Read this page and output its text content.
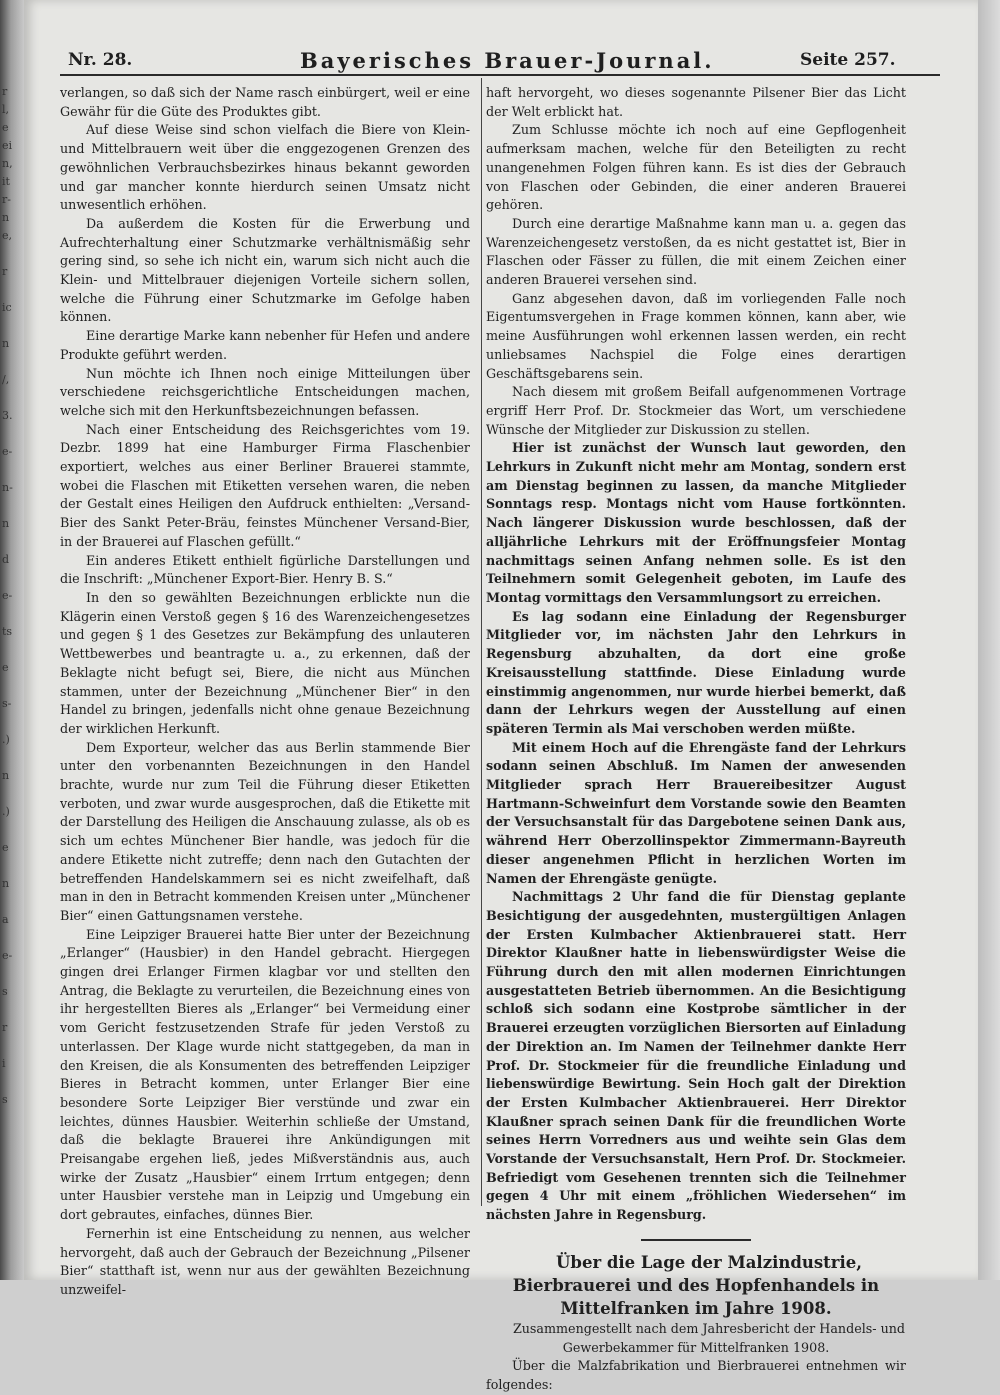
r
l,
e
ei
n,
it
r-
n
e,
r
ic
n
/,
3.
e-
n-
n
d
e-
ts
e
s-
.)
n
.)
e
n
a
e-
s
r
i
s
Nr. 28.	Bayerisches Brauer-Journal.	Seite 257.

verlangen, so daß sich der Name rasch einbürgert, weil er eine Gewähr für die Güte des Produktes gibt.

Auf diese Weise sind schon vielfach die Biere von Klein- und Mittelbrauern weit über die enggezogenen Grenzen des gewöhnlichen Verbrauchsbezirkes hinaus bekannt geworden und gar mancher konnte hierdurch seinen Umsatz nicht unwesentlich erhöhen.

Da außerdem die Kosten für die Erwerbung und Aufrechterhaltung einer Schutzmarke verhältnismäßig sehr gering sind, so sehe ich nicht ein, warum sich nicht auch die Klein- und Mittelbrauer diejenigen Vorteile sichern sollen, welche die Führung einer Schutzmarke im Gefolge haben können.

Eine derartige Marke kann nebenher für Hefen und andere Produkte geführt werden.

Nun möchte ich Ihnen noch einige Mitteilungen über verschiedene reichsgerichtliche Entscheidungen machen, welche sich mit den Herkunftsbezeichnungen befassen.

Nach einer Entscheidung des Reichsgerichtes vom 19. Dezbr. 1899 hat eine Hamburger Firma Flaschenbier exportiert, welches aus einer Berliner Brauerei stammte, wobei die Flaschen mit Etiketten versehen waren, die neben der Gestalt eines Heiligen den Aufdruck enthielten: „Versand-Bier des Sankt Peter-Bräu, feinstes Münchener Versand-Bier, in der Brauerei auf Flaschen gefüllt.“

Ein anderes Etikett enthielt figürliche Darstellungen und die Inschrift: „Münchener Export-Bier. Henry B. S.“

In den so gewählten Bezeichnungen erblickte nun die Klägerin einen Verstoß gegen § 16 des Warenzeichengesetzes und gegen § 1 des Gesetzes zur Bekämpfung des unlauteren Wettbewerbes und beantragte u. a., zu erkennen, daß der Beklagte nicht befugt sei, Biere, die nicht aus München stammen, unter der Bezeichnung „Münchener Bier“ in den Handel zu bringen, jedenfalls nicht ohne genaue Bezeichnung der wirklichen Herkunft.

Dem Exporteur, welcher das aus Berlin stammende Bier unter den vorbenannten Bezeichnungen in den Handel brachte, wurde nur zum Teil die Führung dieser Etiketten verboten, und zwar wurde ausgesprochen, daß die Etikette mit der Darstellung des Heiligen die Anschauung zulasse, als ob es sich um echtes Münchener Bier handle, was jedoch für die andere Etikette nicht zutreffe; denn nach den Gutachten der betreffenden Handelskammern sei es nicht zweifelhaft, daß man in den in Betracht kommenden Kreisen unter „Münchener Bier“ einen Gattungsnamen verstehe.

Eine Leipziger Brauerei hatte Bier unter der Bezeichnung „Erlanger“ (Hausbier) in den Handel gebracht. Hiergegen gingen drei Erlanger Firmen klagbar vor und stellten den Antrag, die Beklagte zu verurteilen, die Bezeichnung eines von ihr hergestellten Bieres als „Erlanger“ bei Vermeidung einer vom Gericht festzusetzenden Strafe für jeden Verstoß zu unterlassen. Der Klage wurde nicht stattgegeben, da man in den Kreisen, die als Konsumenten des betreffenden Leipziger Bieres in Betracht kommen, unter Erlanger Bier eine besondere Sorte Leipziger Bier verstünde und zwar ein leichtes, dünnes Hausbier. Weiterhin schließe der Umstand, daß die beklagte Brauerei ihre Ankündigungen mit Preisangabe ergehen ließ, jedes Mißverständnis aus, auch wirke der Zusatz „Hausbier“ einem Irrtum entgegen; denn unter Hausbier verstehe man in Leipzig und Umgebung ein dort gebrautes, einfaches, dünnes Bier.

Fernerhin ist eine Entscheidung zu nennen, aus welcher hervorgeht, daß auch der Gebrauch der Bezeichnung „Pilsener Bier“ statthaft ist, wenn nur aus der gewählten Bezeichnung unzweifel-

haft hervorgeht, wo dieses sogenannte Pilsener Bier das Licht der Welt erblickt hat.

Zum Schlusse möchte ich noch auf eine Gepflogenheit aufmerksam machen, welche für den Beteiligten zu recht unangenehmen Folgen führen kann. Es ist dies der Gebrauch von Flaschen oder Gebinden, die einer anderen Brauerei gehören.

Durch eine derartige Maßnahme kann man u. a. gegen das Warenzeichengesetz verstoßen, da es nicht gestattet ist, Bier in Flaschen oder Fässer zu füllen, die mit einem Zeichen einer anderen Brauerei versehen sind.

Ganz abgesehen davon, daß im vorliegenden Falle noch Eigentumsvergehen in Frage kommen können, kann aber, wie meine Ausführungen wohl erkennen lassen werden, ein recht unliebsames Nachspiel die Folge eines derartigen Geschäftsgebarens sein.

Nach diesem mit großem Beifall aufgenommenen Vortrage ergriff Herr Prof. Dr. Stockmeier das Wort, um verschiedene Wünsche der Mitglieder zur Diskussion zu stellen.

Hier ist zunächst der Wunsch laut geworden, den Lehrkurs in Zukunft nicht mehr am Montag, sondern erst am Dienstag beginnen zu lassen, da manche Mitglieder Sonntags resp. Montags nicht vom Hause fortkönnten. Nach längerer Diskussion wurde beschlossen, daß der alljährliche Lehrkurs mit der Eröffnungsfeier Montag nachmittags seinen Anfang nehmen solle. Es ist den Teilnehmern somit Gelegenheit geboten, im Laufe des Montag vormittags den Versammlungsort zu erreichen.

Es lag sodann eine Einladung der Regensburger Mitglieder vor, im nächsten Jahr den Lehrkurs in Regensburg abzuhalten, da dort eine große Kreisausstellung stattfinde. Diese Einladung wurde einstimmig angenommen, nur wurde hierbei bemerkt, daß dann der Lehrkurs wegen der Ausstellung auf einen späteren Termin als Mai verschoben werden müßte.

Mit einem Hoch auf die Ehrengäste fand der Lehrkurs sodann seinen Abschluß. Im Namen der anwesenden Mitglieder sprach Herr Brauereibesitzer August Hartmann-Schweinfurt dem Vorstande sowie den Beamten der Versuchsanstalt für das Dargebotene seinen Dank aus, während Herr Oberzollinspektor Zimmermann-Bayreuth dieser angenehmen Pflicht in herzlichen Worten im Namen der Ehrengäste genügte.

Nachmittags 2 Uhr fand die für Dienstag geplante Besichtigung der ausgedehnten, mustergültigen Anlagen der Ersten Kulmbacher Aktienbrauerei statt. Herr Direktor Klaußner hatte in liebenswürdigster Weise die Führung durch den mit allen modernen Einrichtungen ausgestatteten Betrieb übernommen. An die Besichtigung schloß sich sodann eine Kostprobe sämtlicher in der Brauerei erzeugten vorzüglichen Biersorten auf Einladung der Direktion an. Im Namen der Teilnehmer dankte Herr Prof. Dr. Stockmeier für die freundliche Einladung und liebenswürdige Bewirtung. Sein Hoch galt der Direktion der Ersten Kulmbacher Aktienbrauerei. Herr Direktor Klaußner sprach seinen Dank für die freundlichen Worte seines Herrn Vorredners aus und weihte sein Glas dem Vorstande der Versuchsanstalt, Hern Prof. Dr. Stockmeier. Befriedigt vom Gesehenen trennten sich die Teilnehmer gegen 4 Uhr mit einem „fröhlichen Wiedersehen“ im nächsten Jahre in Regensburg.

Über die Lage der Malzindustrie, Bierbrauerei und des Hopfenhandels in Mittelfranken im Jahre 1908.

Zusammengestellt nach dem Jahresbericht der Handels- und Gewerbekammer für Mittelfranken 1908.

Über die Malzfabrikation und Bierbrauerei entnehmen wir folgendes:
